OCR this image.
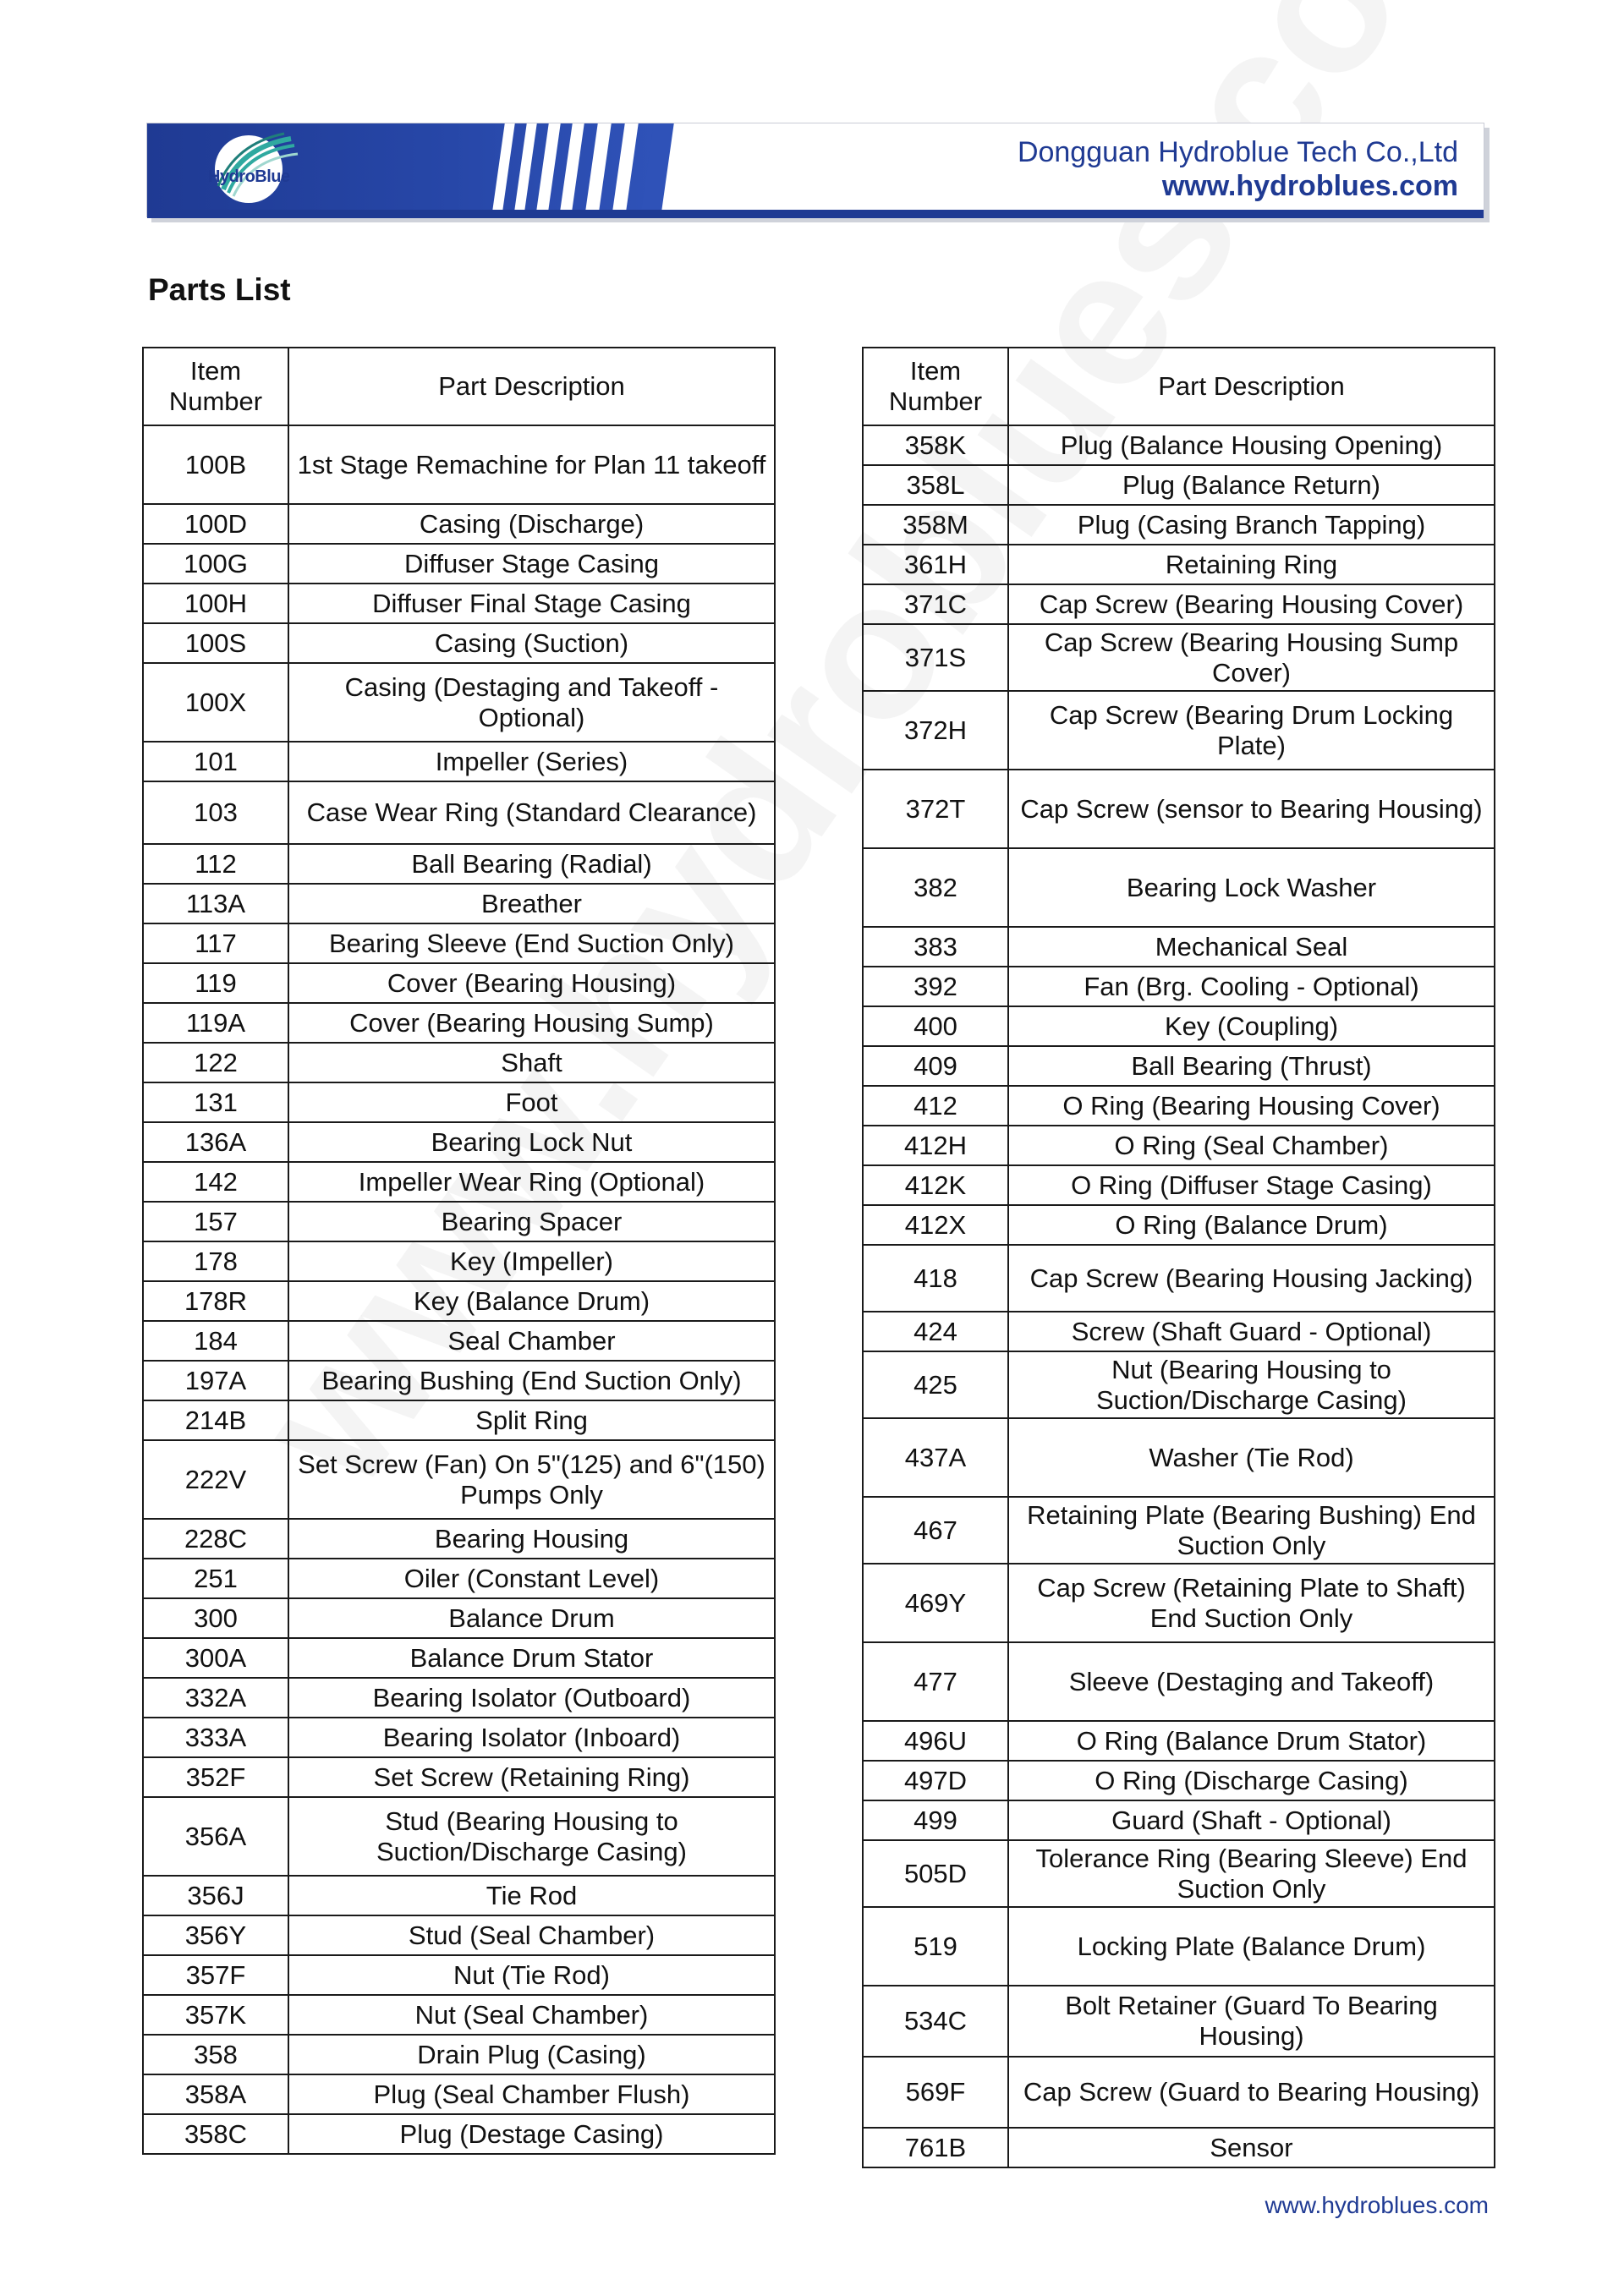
HydroBlue
Dongguan Hydroblue Tech Co.,Ltd
www.hydroblues.com
Parts List
Item Number	Part Description
100B	1st Stage Remachine for Plan 11 takeoff
100D	Casing (Discharge)
100G	Diffuser Stage Casing
100H	Diffuser Final Stage Casing
100S	Casing (Suction)
100X	Casing (Destaging and Takeoff - Optional)
101	Impeller (Series)
103	Case Wear Ring (Standard Clearance)
112	Ball Bearing (Radial)
113A	Breather
117	Bearing Sleeve (End Suction Only)
119	Cover (Bearing Housing)
119A	Cover (Bearing Housing Sump)
122	Shaft
131	Foot
136A	Bearing Lock Nut
142	Impeller Wear Ring (Optional)
157	Bearing Spacer
178	Key (Impeller)
178R	Key (Balance Drum)
184	Seal Chamber
197A	Bearing Bushing (End Suction Only)
214B	Split Ring
222V	Set Screw (Fan) On 5"(125) and 6"(150) Pumps Only
228C	Bearing Housing
251	Oiler (Constant Level)
300	Balance Drum
300A	Balance Drum Stator
332A	Bearing Isolator (Outboard)
333A	Bearing Isolator (Inboard)
352F	Set Screw (Retaining Ring)
356A	Stud (Bearing Housing to Suction/Discharge Casing)
356J	Tie Rod
356Y	Stud (Seal Chamber)
357F	Nut (Tie Rod)
357K	Nut (Seal Chamber)
358	Drain Plug (Casing)
358A	Plug (Seal Chamber Flush)
358C	Plug (Destage Casing)
Item Number	Part Description
358K	Plug (Balance Housing Opening)
358L	Plug (Balance Return)
358M	Plug (Casing Branch Tapping)
361H	Retaining Ring
371C	Cap Screw (Bearing Housing Cover)
371S	Cap Screw (Bearing Housing Sump Cover)
372H	Cap Screw (Bearing Drum Locking Plate)
372T	Cap Screw (sensor to Bearing Housing)
382	Bearing Lock Washer
383	Mechanical Seal
392	Fan (Brg. Cooling - Optional)
400	Key (Coupling)
409	Ball Bearing (Thrust)
412	O Ring (Bearing Housing Cover)
412H	O Ring (Seal Chamber)
412K	O Ring (Diffuser Stage Casing)
412X	O Ring (Balance Drum)
418	Cap Screw (Bearing Housing Jacking)
424	Screw (Shaft Guard - Optional)
425	Nut (Bearing Housing to Suction/Discharge Casing)
437A	Washer (Tie Rod)
467	Retaining Plate (Bearing Bushing) End Suction Only
469Y	Cap Screw (Retaining Plate to Shaft) End Suction Only
477	Sleeve (Destaging and Takeoff)
496U	O Ring (Balance Drum Stator)
497D	O Ring (Discharge Casing)
499	Guard (Shaft - Optional)
505D	Tolerance Ring (Bearing Sleeve) End Suction Only
519	Locking Plate (Balance Drum)
534C	Bolt Retainer (Guard To Bearing Housing)
569F	Cap Screw (Guard to Bearing Housing)
761B	Sensor
www.hydroblues.com
